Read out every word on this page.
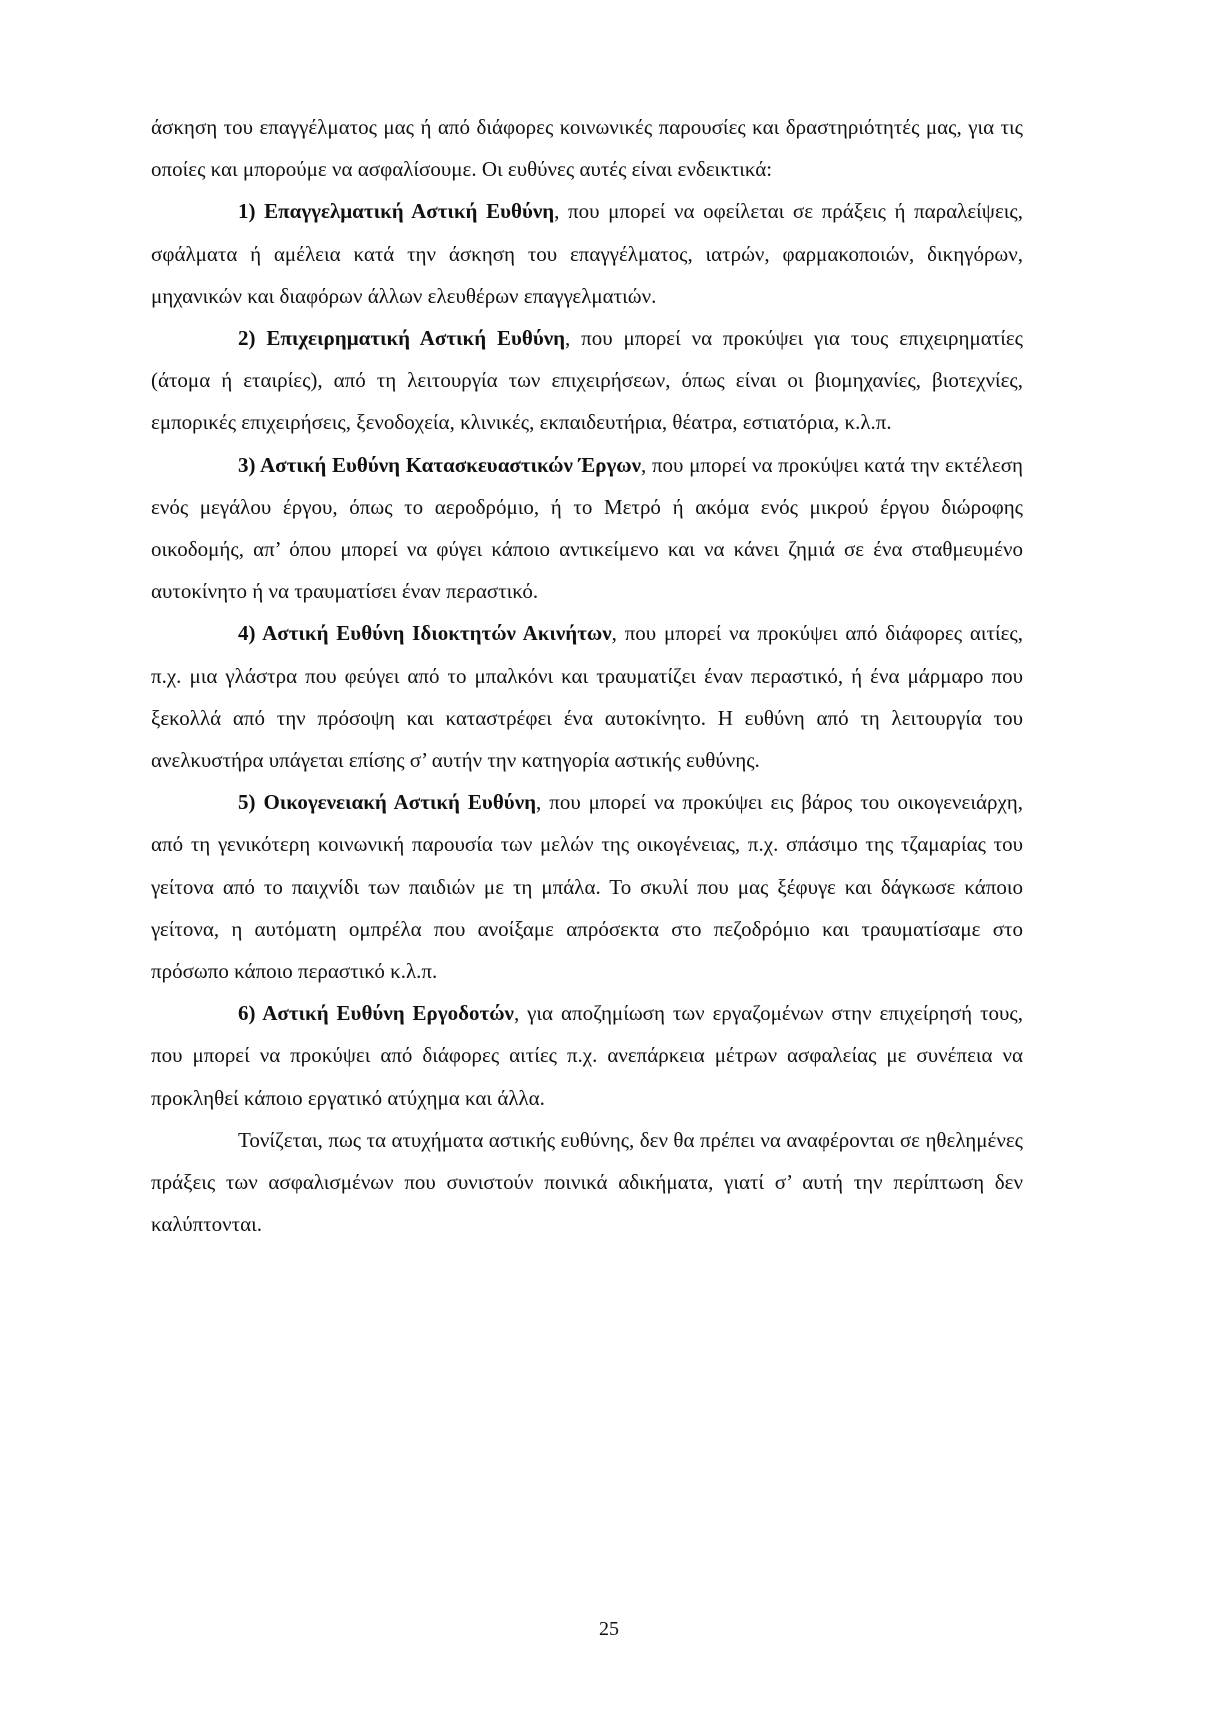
άσκηση του επαγγέλματος μας ή από διάφορες κοινωνικές παρουσίες και δραστηριότητές μας, για τις οποίες και μπορούμε να ασφαλίσουμε. Οι ευθύνες αυτές είναι ενδεικτικά:

1) Επαγγελματική Αστική Ευθύνη, που μπορεί να οφείλεται σε πράξεις ή παραλείψεις, σφάλματα ή αμέλεια κατά την άσκηση του επαγγέλματος, ιατρών, φαρμακοποιών, δικηγόρων, μηχανικών και διαφόρων άλλων ελευθέρων επαγγελματιών.

2) Επιχειρηματική Αστική Ευθύνη, που μπορεί να προκύψει για τους επιχειρηματίες (άτομα ή εταιρίες), από τη λειτουργία των επιχειρήσεων, όπως είναι οι βιομηχανίες, βιοτεχνίες, εμπορικές επιχειρήσεις, ξενοδοχεία, κλινικές, εκπαιδευτήρια, θέατρα, εστιατόρια, κ.λ.π.

3) Αστική Ευθύνη Κατασκευαστικών Έργων, που μπορεί να προκύψει κατά την εκτέλεση ενός μεγάλου έργου, όπως το αεροδρόμιο, ή το Μετρό ή ακόμα ενός μικρού έργου διώροφης οικοδομής, απ’ όπου μπορεί να φύγει κάποιο αντικείμενο και να κάνει ζημιά σε ένα σταθμευμένο αυτοκίνητο ή να τραυματίσει έναν περαστικό.

4) Αστική Ευθύνη Ιδιοκτητών Ακινήτων, που μπορεί να προκύψει από διάφορες αιτίες, π.χ. μια γλάστρα που φεύγει από το μπαλκόνι και τραυματίζει έναν περαστικό, ή ένα μάρμαρο που ξεκολλά από την πρόσοψη και καταστρέφει ένα αυτοκίνητο. Η ευθύνη από τη λειτουργία του ανελκυστήρα υπάγεται επίσης σ’ αυτήν την κατηγορία αστικής ευθύνης.

5) Οικογενειακή Αστική Ευθύνη, που μπορεί να προκύψει εις βάρος του οικογενειάρχη, από τη γενικότερη κοινωνική παρουσία των μελών της οικογένειας, π.χ. σπάσιμο της τζαμαρίας του γείτονα από το παιχνίδι των παιδιών με τη μπάλα. Το σκυλί που μας ξέφυγε και δάγκωσε κάποιο γείτονα, η αυτόματη ομπρέλα που ανοίξαμε απρόσεκτα στο πεζοδρόμιο και τραυματίσαμε στο πρόσωπο κάποιο περαστικό κ.λ.π.

6) Αστική Ευθύνη Εργοδοτών, για αποζημίωση των εργαζομένων στην επιχείρησή τους, που μπορεί να προκύψει από διάφορες αιτίες π.χ. ανεπάρκεια μέτρων ασφαλείας με συνέπεια να προκληθεί κάποιο εργατικό ατύχημα και άλλα.

Τονίζεται, πως τα ατυχήματα αστικής ευθύνης, δεν θα πρέπει να αναφέρονται σε ηθελημένες πράξεις των ασφαλισμένων που συνιστούν ποινικά αδικήματα, γιατί σ’ αυτή την περίπτωση δεν καλύπτονται.

25
